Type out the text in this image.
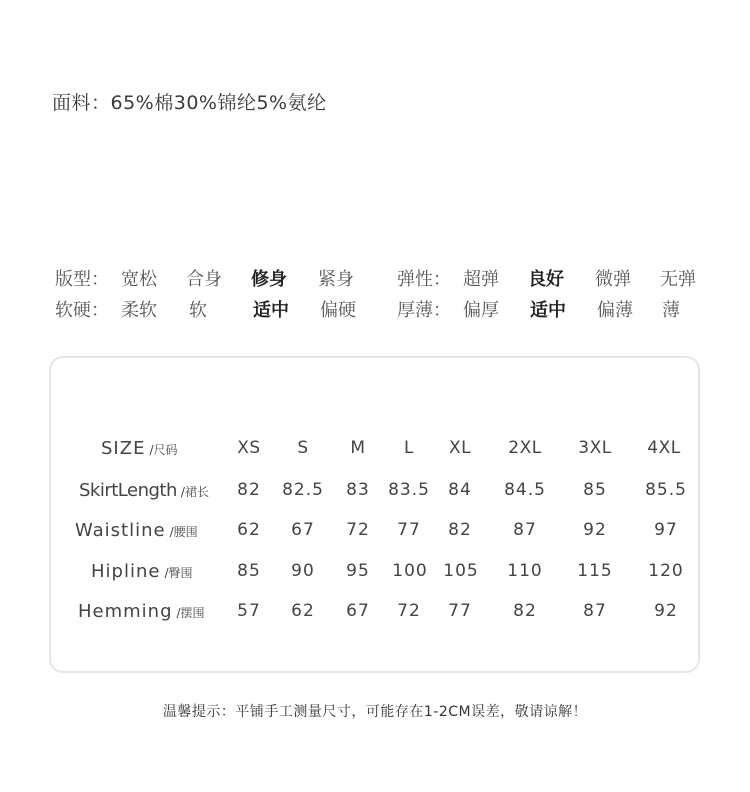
面料：65%棉30%锦纶5%氨纶
版型： 宽松 合身 修身 紧身 弹性： 超弹 良好 微弹 无弹
软硬： 柔软 软	适中 偏硬 厚薄： 偏厚 适中 偏薄 薄
SIZE /尺码	XS	S	M	L	XL	2XL	3XL	4XL
SkirtLength /裙长	82	82.5	83	83.5	84	84.5	85	85.5
Waistline /腰围	62	67	72	77	82	87	92	97
Hipline /臀围	85	90	95	100 105	110	115	120
Hemming /摆围	57	62	67	72	77	82	87	92
温馨提示：平铺手工测量尺寸，可能存在1-2CM误差，敬请谅解！
